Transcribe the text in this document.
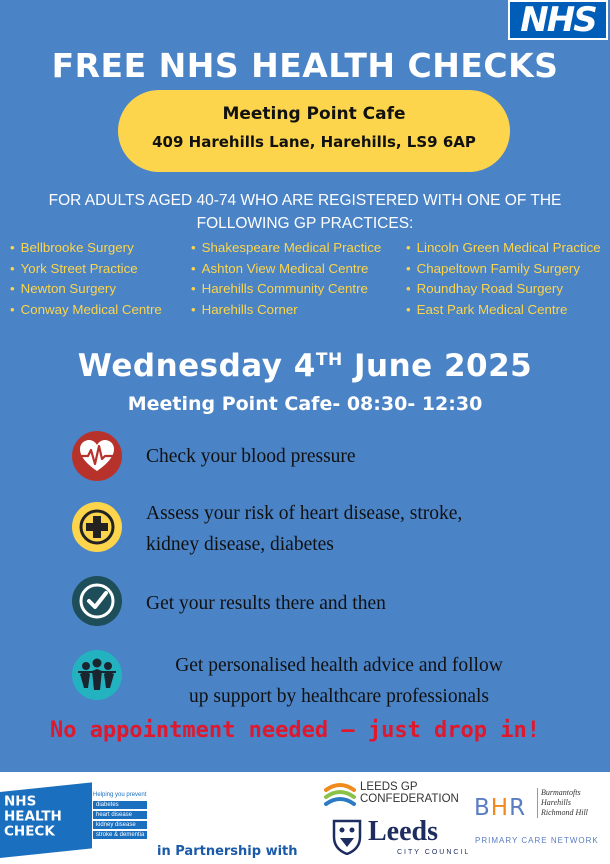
NHS
FREE NHS HEALTH CHECKS
Meeting Point Cafe
409 Harehills Lane, Harehills, LS9 6AP
FOR ADULTS AGED 40-74 WHO ARE REGISTERED WITH ONE OF THE FOLLOWING GP PRACTICES:
• Bellbrooke Surgery
• York Street Practice
• Newton Surgery
• Conway Medical Centre
• Shakespeare Medical Practice
• Ashton View Medical Centre
• Harehills Community Centre
• Harehills Corner
• Lincoln Green Medical Practice
• Chapeltown Family Surgery
• Roundhay Road Surgery
• East Park Medical Centre
Wednesday 4TH June 2025
Meeting Point Cafe- 08:30- 12:30
Check your blood pressure
Assess your risk of heart disease, stroke,
kidney disease, diabetes
Get your results there and then
Get personalised health advice and follow
up support by healthcare professionals
No appointment needed – just drop in!
NHS
HEALTH
CHECK
Helping you prevent
diabetes
heart disease
kidney disease
stroke & dementia
in Partnership with
LEEDS GP
CONFEDERATION
Leeds
CITY COUNCIL
BHR
Burmantofts
Harehills
Richmond Hill
PRIMARY CARE NETWORK
